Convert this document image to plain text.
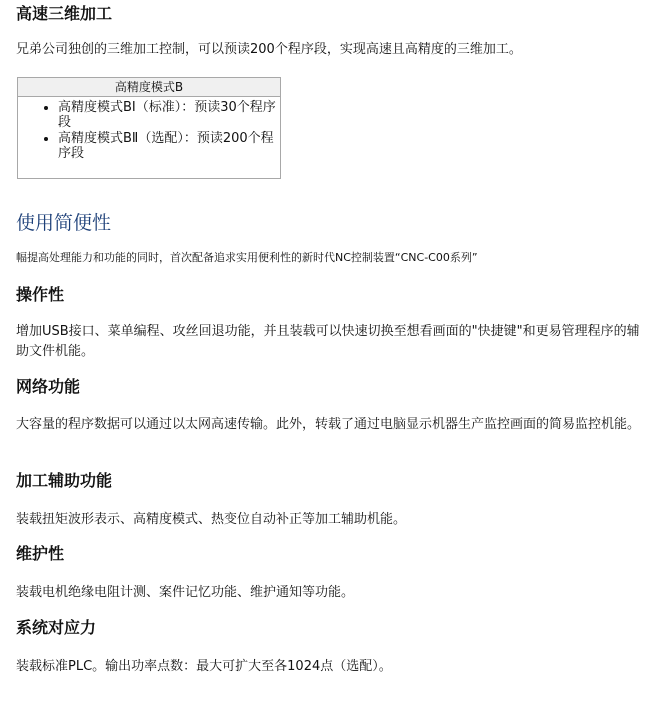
高速三维加工

兄弟公司独创的三维加工控制，可以预读200个程序段，实现高速且高精度的三维加工。

高精度模式B
• 高精度模式BⅠ（标准）：预读30个程序段
• 高精度模式BⅡ（选配）：预读200个程序段
使用简便性

幅提高处理能力和功能的同时，首次配备追求实用便利性的新时代NC控制装置“CNC-C00系列”

操作性

增加USB接口、菜单编程、攻丝回退功能，并且装载可以快速切换至想看画面的"快捷键"和更易管理程序的辅助文件机能。

网络功能

大容量的程序数据可以通过以太网高速传输。此外，转载了通过电脑显示机器生产监控画面的简易监控机能。

加工辅助功能

装载扭矩波形表示、高精度模式、热变位自动补正等加工辅助机能。

维护性

装载电机绝缘电阻计测、案件记忆功能、维护通知等功能。

系统对应力

装载标准PLC。输出功率点数：最大可扩大至各1024点（选配）。
